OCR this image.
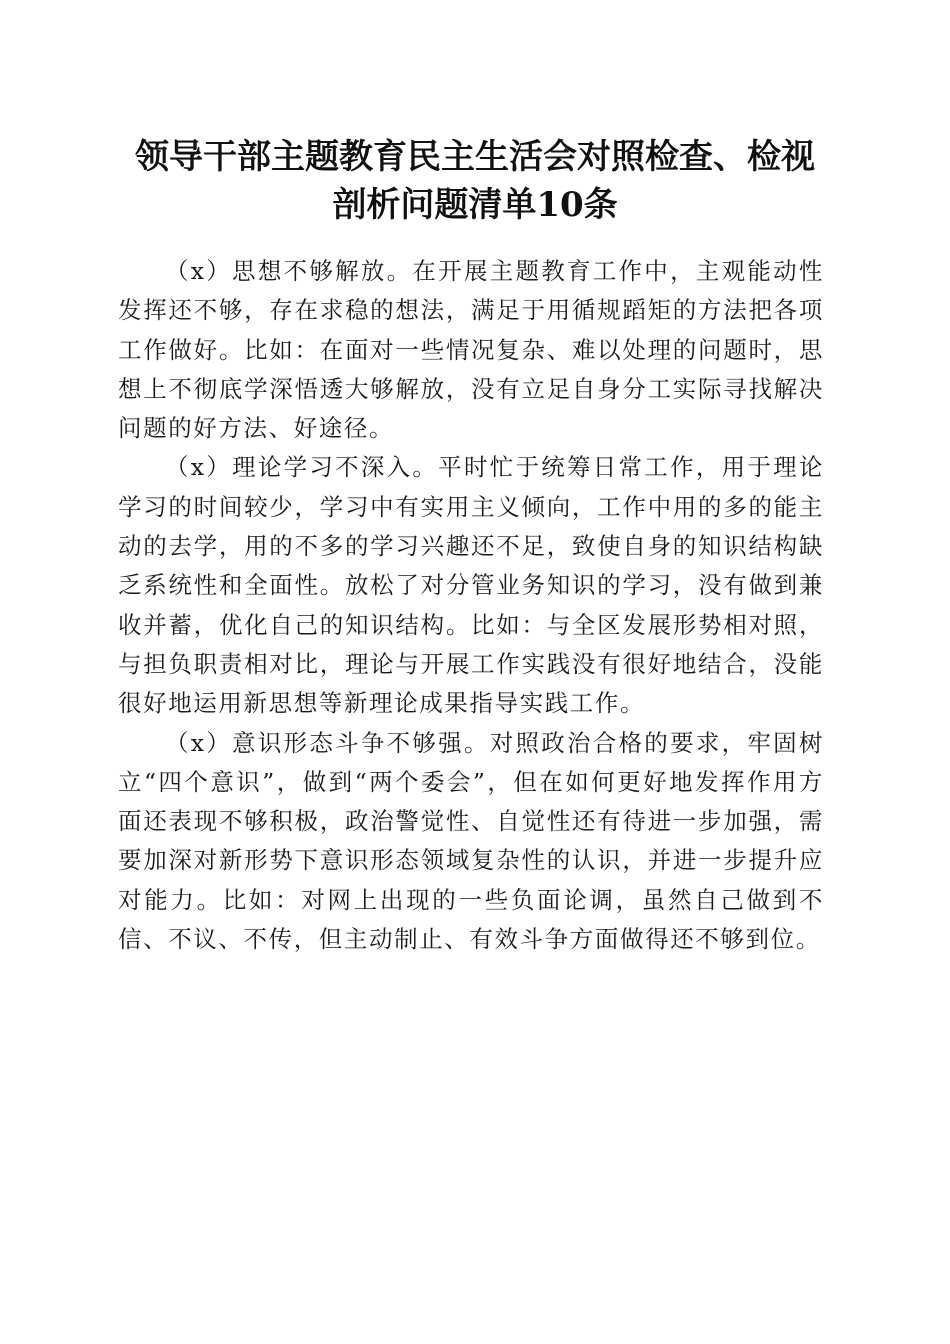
领导干部主题教育民主生活会对照检查、检视
剖析问题清单10条

（x）思想不够解放。在开展主题教育工作中，主观能动性发挥还不够，存在求稳的想法，满足于用循规蹈矩的方法把各项工作做好。比如：在面对一些情况复杂、难以处理的问题时，思想上不彻底学深悟透大够解放，没有立足自身分工实际寻找解决问题的好方法、好途径。

（x）理论学习不深入。平时忙于统筹日常工作，用于理论学习的时间较少，学习中有实用主义倾向，工作中用的多的能主动的去学，用的不多的学习兴趣还不足，致使自身的知识结构缺乏系统性和全面性。放松了对分管业务知识的学习，没有做到兼收并蓄，优化自己的知识结构。比如：与全区发展形势相对照，与担负职责相对比，理论与开展工作实践没有很好地结合，没能很好地运用新思想等新理论成果指导实践工作。

（x）意识形态斗争不够强。对照政治合格的要求，牢固树立“四个意识”，做到“两个委会”，但在如何更好地发挥作用方面还表现不够积极，政治警觉性、自觉性还有待进一步加强，需要加深对新形势下意识形态领域复杂性的认识，并进一步提升应对能力。比如：对网上出现的一些负面论调，虽然自己做到不信、不议、不传，但主动制止、有效斗争方面做得还不够到位。
